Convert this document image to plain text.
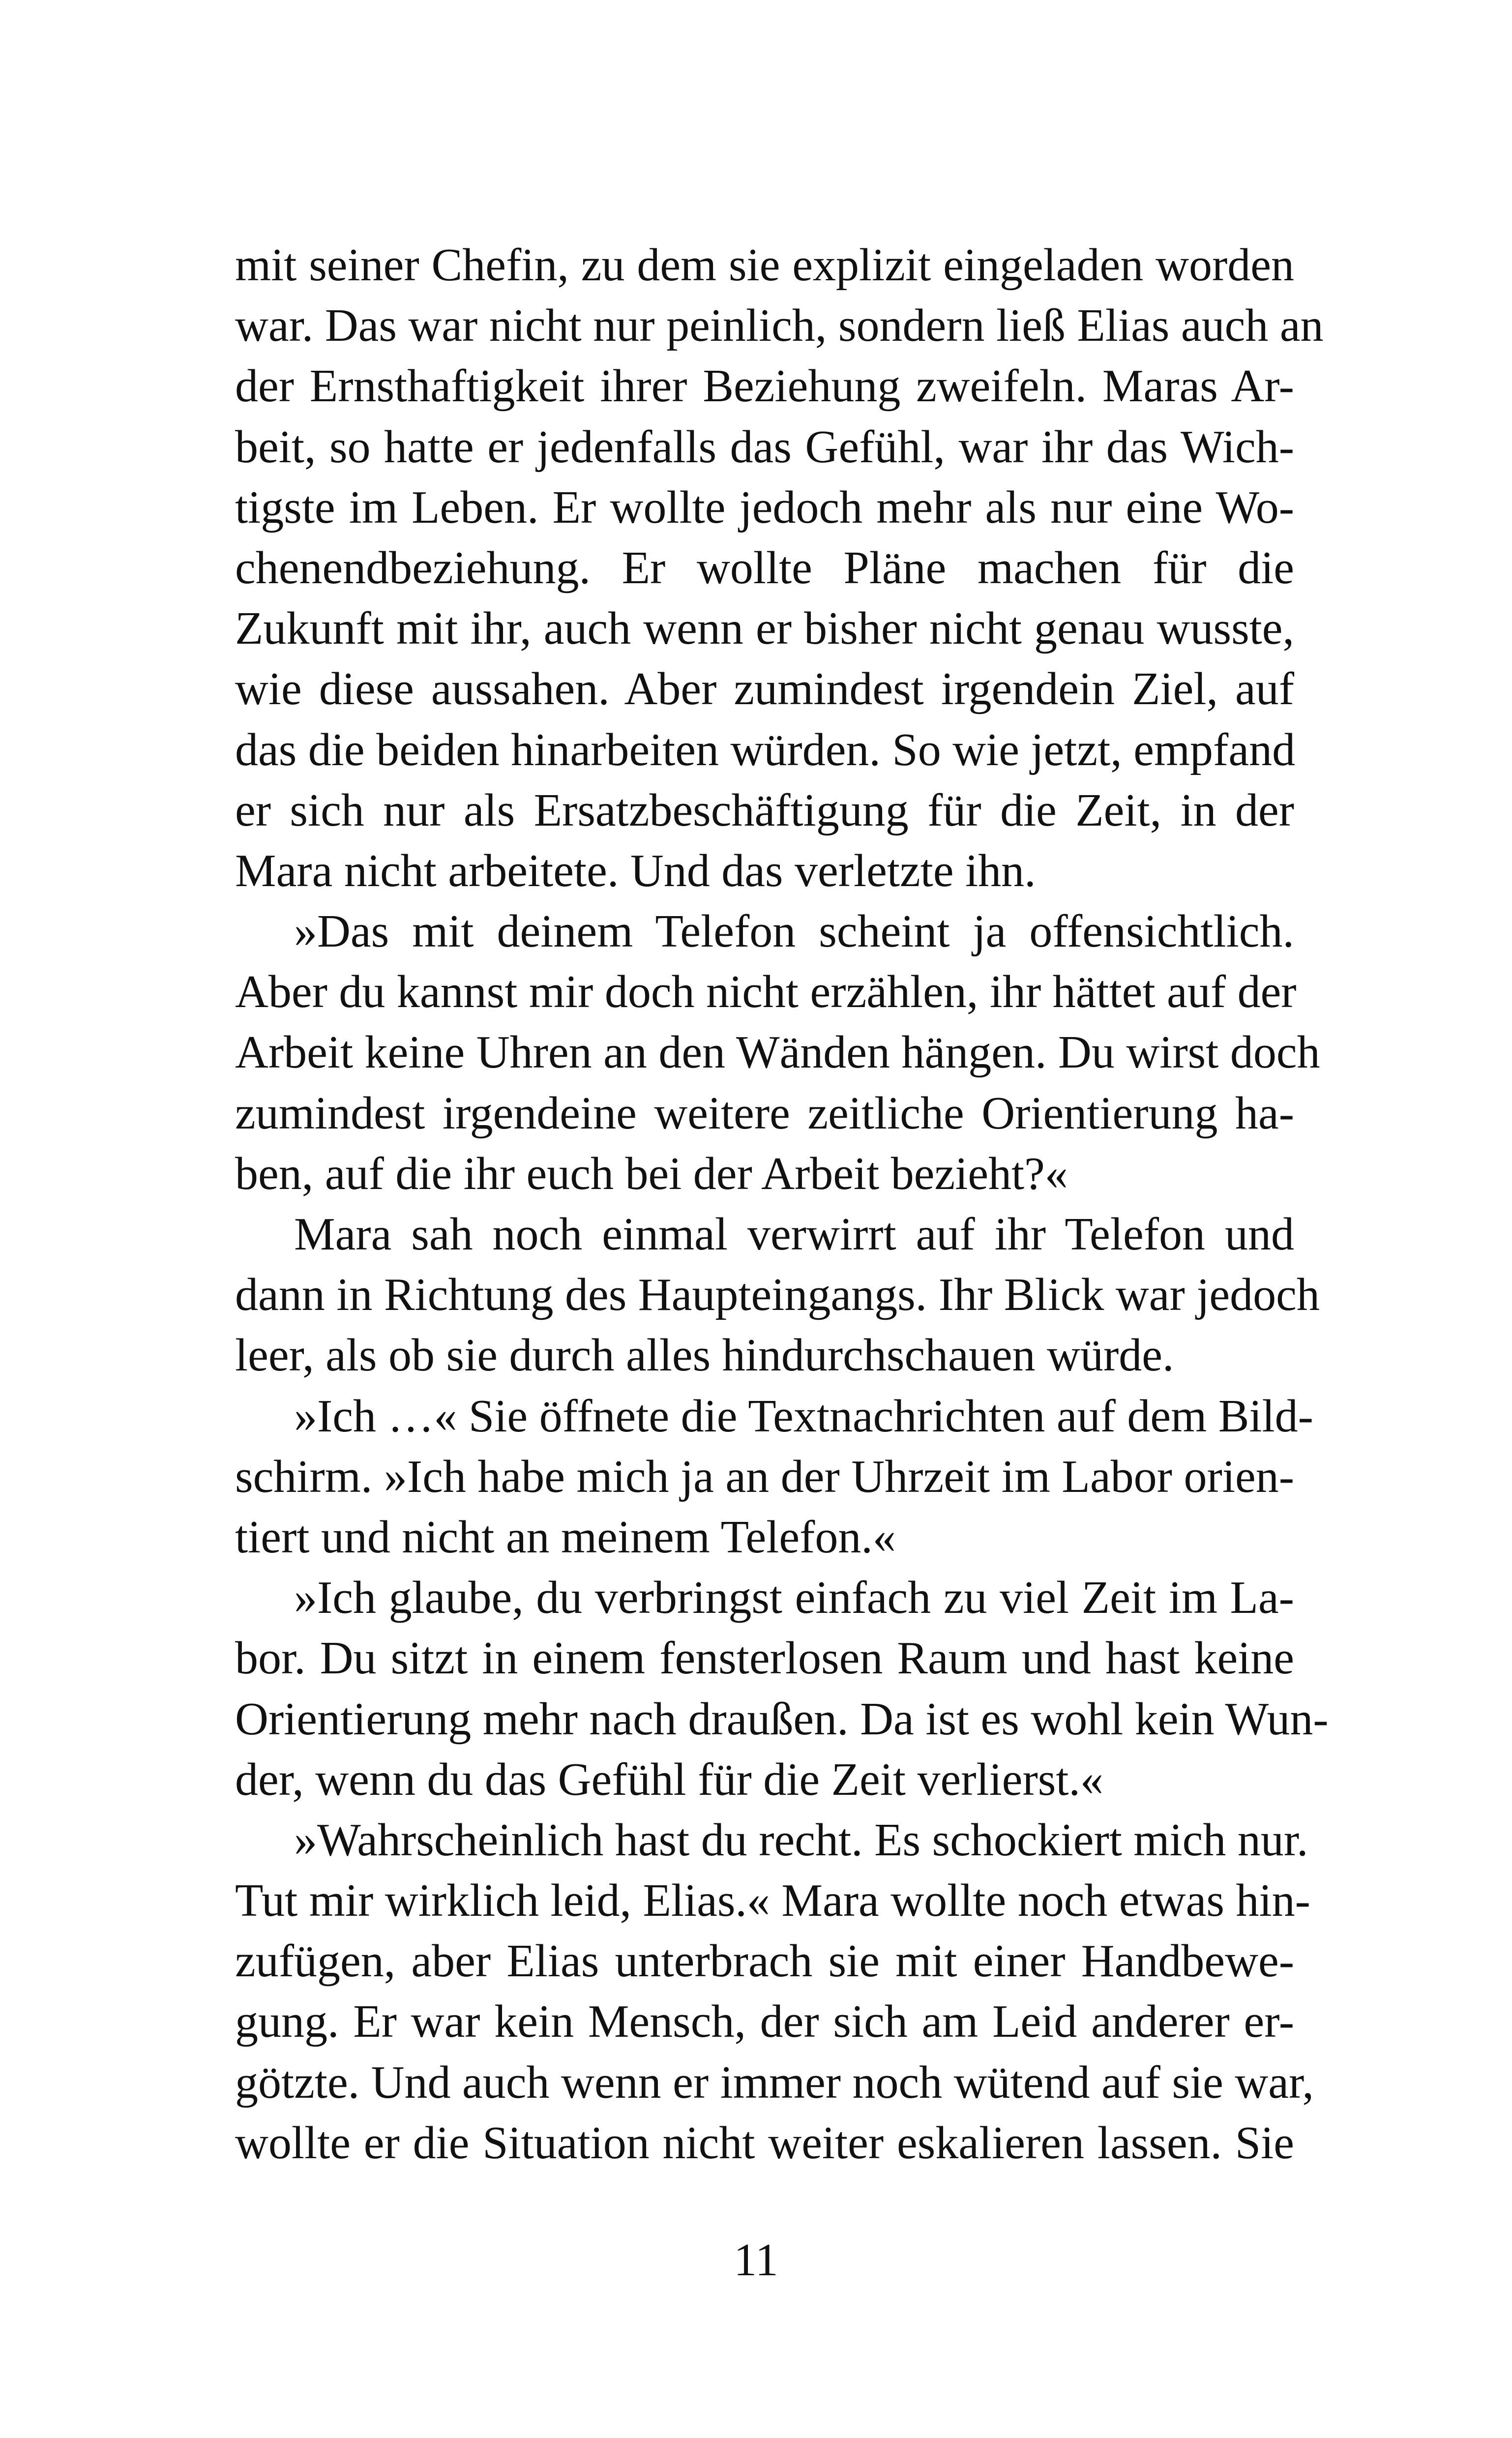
mit seiner Chefin, zu dem sie explizit eingeladen worden
war. Das war nicht nur peinlich, sondern ließ Elias auch an
der Ernsthaftigkeit ihrer Beziehung zweifeln. Maras Ar-
beit, so hatte er jedenfalls das Gefühl, war ihr das Wich-
tigste im Leben. Er wollte jedoch mehr als nur eine Wo-
chenendbeziehung. Er wollte Pläne machen für die
Zukunft mit ihr, auch wenn er bisher nicht genau wusste,
wie diese aussahen. Aber zumindest irgendein Ziel, auf
das die beiden hinarbeiten würden. So wie jetzt, empfand
er sich nur als Ersatzbeschäftigung für die Zeit, in der
Mara nicht arbeitete. Und das verletzte ihn.
»Das mit deinem Telefon scheint ja offensichtlich.
Aber du kannst mir doch nicht erzählen, ihr hättet auf der
Arbeit keine Uhren an den Wänden hängen. Du wirst doch
zumindest irgendeine weitere zeitliche Orientierung ha-
ben, auf die ihr euch bei der Arbeit bezieht?«
Mara sah noch einmal verwirrt auf ihr Telefon und
dann in Richtung des Haupteingangs. Ihr Blick war jedoch
leer, als ob sie durch alles hindurchschauen würde.
»Ich …« Sie öffnete die Textnachrichten auf dem Bild-
schirm. »Ich habe mich ja an der Uhrzeit im Labor orien-
tiert und nicht an meinem Telefon.«
»Ich glaube, du verbringst einfach zu viel Zeit im La-
bor. Du sitzt in einem fensterlosen Raum und hast keine
Orientierung mehr nach draußen. Da ist es wohl kein Wun-
der, wenn du das Gefühl für die Zeit verlierst.«
»Wahrscheinlich hast du recht. Es schockiert mich nur.
Tut mir wirklich leid, Elias.« Mara wollte noch etwas hin-
zufügen, aber Elias unterbrach sie mit einer Handbewe-
gung. Er war kein Mensch, der sich am Leid anderer er-
götzte. Und auch wenn er immer noch wütend auf sie war,
wollte er die Situation nicht weiter eskalieren lassen. Sie
11
